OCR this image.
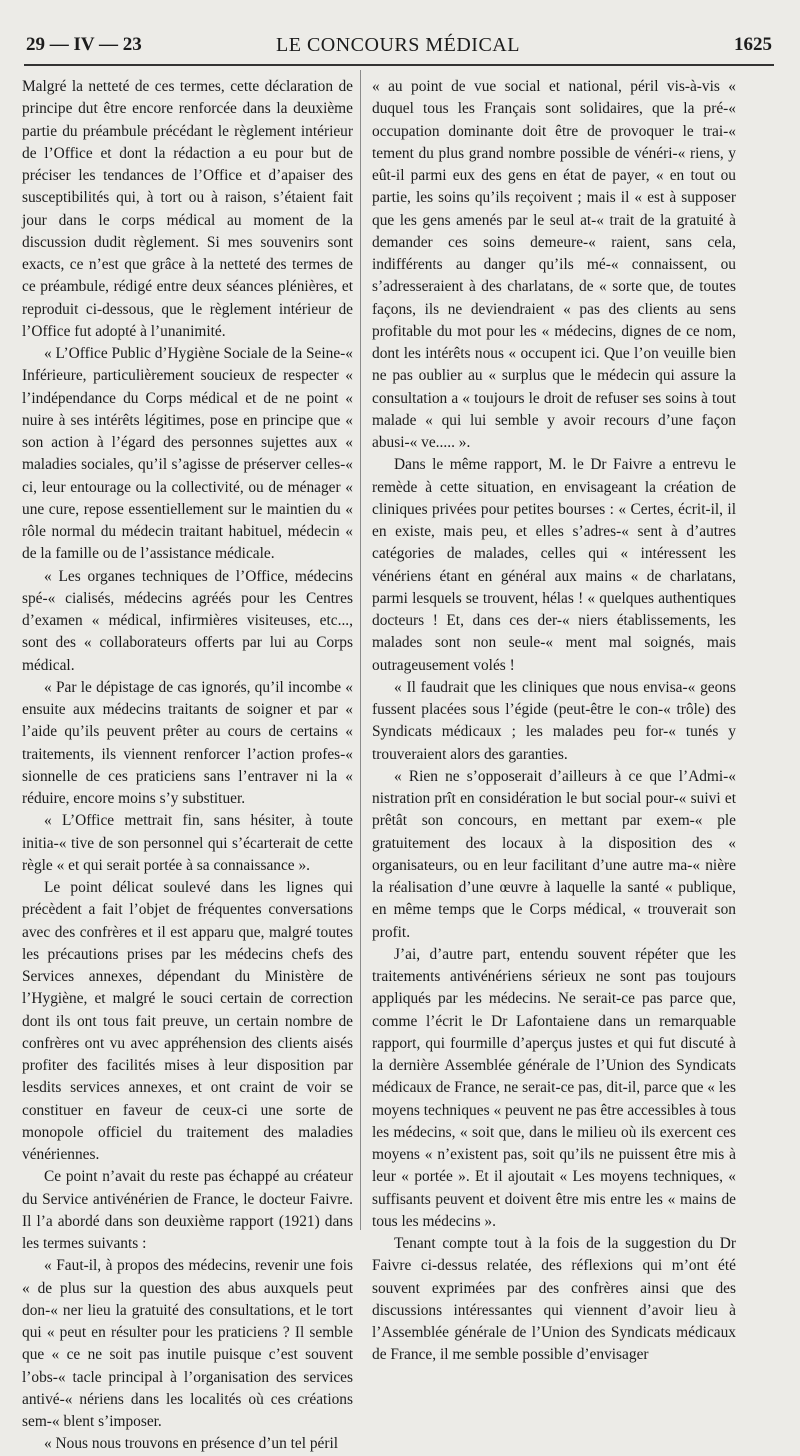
29 — IV — 23	LE CONCOURS MÉDICAL	1625

Malgré la netteté de ces termes, cette déclaration de principe dut être encore renforcée dans la deuxième partie du préambule précédant le règlement intérieur de l’Office et dont la rédaction a eu pour but de préciser les tendances de l’Office et d’apaiser des susceptibilités qui, à tort ou à raison, s’étaient fait jour dans le corps médical au moment de la discussion dudit règlement. Si mes souvenirs sont exacts, ce n’est que grâce à la netteté des termes de ce préambule, rédigé entre deux séances plénières, et reproduit ci-dessous, que le règlement intérieur de l’Office fut adopté à l’unanimité.

« L’Office Public d’Hygiène Sociale de la Seine-« Inférieure, particulièrement soucieux de respecter « l’indépendance du Corps médical et de ne point « nuire à ses intérêts légitimes, pose en principe que « son action à l’égard des personnes sujettes aux « maladies sociales, qu’il s’agisse de préserver celles-« ci, leur entourage ou la collectivité, ou de ménager « une cure, repose essentiellement sur le maintien du « rôle normal du médecin traitant habituel, médecin « de la famille ou de l’assistance médicale.

« Les organes techniques de l’Office, médecins spé-« cialisés, médecins agréés pour les Centres d’examen « médical, infirmières visiteuses, etc..., sont des « collaborateurs offerts par lui au Corps médical.

« Par le dépistage de cas ignorés, qu’il incombe « ensuite aux médecins traitants de soigner et par « l’aide qu’ils peuvent prêter au cours de certains « traitements, ils viennent renforcer l’action profes-« sionnelle de ces praticiens sans l’entraver ni la « réduire, encore moins s’y substituer.

« L’Office mettrait fin, sans hésiter, à toute initia-« tive de son personnel qui s’écarterait de cette règle « et qui serait portée à sa connaissance ».

Le point délicat soulevé dans les lignes qui précèdent a fait l’objet de fréquentes conversations avec des confrères et il est apparu que, malgré toutes les précautions prises par les médecins chefs des Services annexes, dépendant du Ministère de l’Hygiène, et malgré le souci certain de correction dont ils ont tous fait preuve, un certain nombre de confrères ont vu avec appréhension des clients aisés profiter des facilités mises à leur disposition par lesdits services annexes, et ont craint de voir se constituer en faveur de ceux-ci une sorte de monopole officiel du traitement des maladies vénériennes.

Ce point n’avait du reste pas échappé au créateur du Service antivénérien de France, le docteur Faivre. Il l’a abordé dans son deuxième rapport (1921) dans les termes suivants :

« Faut-il, à propos des médecins, revenir une fois « de plus sur la question des abus auxquels peut don-« ner lieu la gratuité des consultations, et le tort qui « peut en résulter pour les praticiens ? Il semble que « ce ne soit pas inutile puisque c’est souvent l’obs-« tacle principal à l’organisation des services antivé-« nériens dans les localités où ces créations sem-« blent s’imposer.

« Nous nous trouvons en présence d’un tel péril

« au point de vue social et national, péril vis-à-vis « duquel tous les Français sont solidaires, que la pré-« occupation dominante doit être de provoquer le trai-« tement du plus grand nombre possible de vénéri-« riens, y eût-il parmi eux des gens en état de payer, « en tout ou partie, les soins qu’ils reçoivent ; mais il « est à supposer que les gens amenés par le seul at-« trait de la gratuité à demander ces soins demeure-« raient, sans cela, indifférents au danger qu’ils mé-« connaissent, ou s’adresseraient à des charlatans, de « sorte que, de toutes façons, ils ne deviendraient « pas des clients au sens profitable du mot pour les « médecins, dignes de ce nom, dont les intérêts nous « occupent ici. Que l’on veuille bien ne pas oublier au « surplus que le médecin qui assure la consultation a « toujours le droit de refuser ses soins à tout malade « qui lui semble y avoir recours d’une façon abusi-« ve..... ».

Dans le même rapport, M. le Dr Faivre a entrevu le remède à cette situation, en envisageant la création de cliniques privées pour petites bourses : « Certes, écrit-il, il en existe, mais peu, et elles s’adres-« sent à d’autres catégories de malades, celles qui « intéressent les vénériens étant en général aux mains « de charlatans, parmi lesquels se trouvent, hélas ! « quelques authentiques docteurs ! Et, dans ces der-« niers établissements, les malades sont non seule-« ment mal soignés, mais outrageusement volés !

« Il faudrait que les cliniques que nous envisa-« geons fussent placées sous l’égide (peut-être le con-« trôle) des Syndicats médicaux ; les malades peu for-« tunés y trouveraient alors des garanties.

« Rien ne s’opposerait d’ailleurs à ce que l’Admi-« nistration prît en considération le but social pour-« suivi et prêtât son concours, en mettant par exem-« ple gratuitement des locaux à la disposition des « organisateurs, ou en leur facilitant d’une autre ma-« nière la réalisation d’une œuvre à laquelle la santé « publique, en même temps que le Corps médical, « trouverait son profit.

J’ai, d’autre part, entendu souvent répéter que les traitements antivénériens sérieux ne sont pas toujours appliqués par les médecins. Ne serait-ce pas parce que, comme l’écrit le Dr Lafontaiene dans un remarquable rapport, qui fourmille d’aperçus justes et qui fut discuté à la dernière Assemblée générale de l’Union des Syndicats médicaux de France, ne serait-ce pas, dit-il, parce que « les moyens techniques « peuvent ne pas être accessibles à tous les médecins, « soit que, dans le milieu où ils exercent ces moyens « n’existent pas, soit qu’ils ne puissent être mis à leur « portée ». Et il ajoutait « Les moyens techniques, « suffisants peuvent et doivent être mis entre les « mains de tous les médecins ».

Tenant compte tout à la fois de la suggestion du Dr Faivre ci-dessus relatée, des réflexions qui m’ont été souvent exprimées par des confrères ainsi que des discussions intéressantes qui viennent d’avoir lieu à l’Assemblée générale de l’Union des Syndicats médicaux de France, il me semble possible d’envisager
